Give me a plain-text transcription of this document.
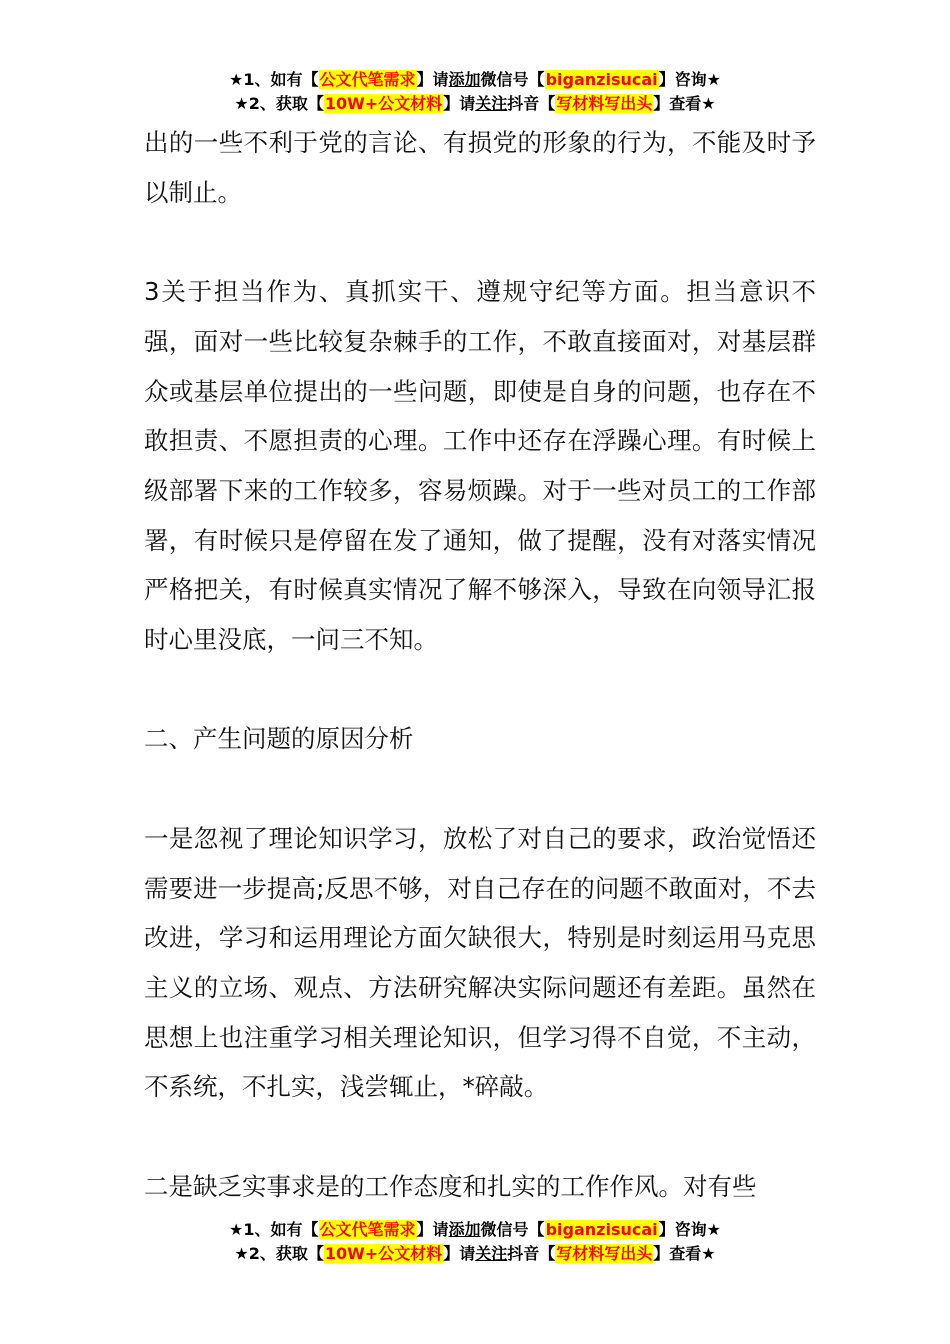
★1、如有【公文代笔需求】请添加微信号【biganzisucai】咨询★
★2、获取【10W+公文材料】请关注抖音【写材料写出头】查看★

出的一些不利于党的言论、有损党的形象的行为，不能及时予以制止。

3关于担当作为、真抓实干、遵规守纪等方面。担当意识不强，面对一些比较复杂棘手的工作，不敢直接面对，对基层群众或基层单位提出的一些问题，即使是自身的问题，也存在不敢担责、不愿担责的心理。工作中还存在浮躁心理。有时候上级部署下来的工作较多，容易烦躁。对于一些对员工的工作部署，有时候只是停留在发了通知，做了提醒，没有对落实情况严格把关，有时候真实情况了解不够深入，导致在向领导汇报时心里没底，一问三不知。

二、产生问题的原因分析

一是忽视了理论知识学习，放松了对自己的要求，政治觉悟还需要进一步提高;反思不够，对自己存在的问题不敢面对，不去改进，学习和运用理论方面欠缺很大，特别是时刻运用马克思主义的立场、观点、方法研究解决实际问题还有差距。虽然在思想上也注重学习相关理论知识，但学习得不自觉，不主动，不系统，不扎实，浅尝辄止，*碎敲。

二是缺乏实事求是的工作态度和扎实的工作作风。对有些

★1、如有【公文代笔需求】请添加微信号【biganzisucai】咨询★
★2、获取【10W+公文材料】请关注抖音【写材料写出头】查看★
